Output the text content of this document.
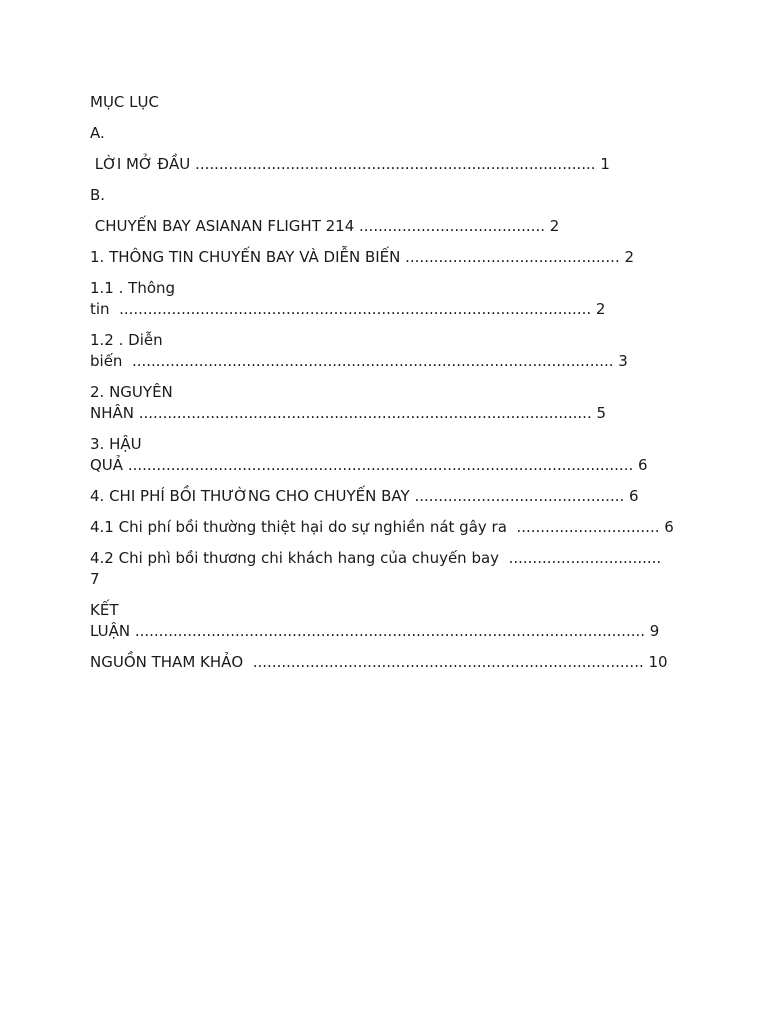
MỤC LỤC
A.
LỜI MỞ ĐẦU .................................................................................... 1
B.
CHUYẾN BAY ASIANAN FLIGHT 214 ....................................... 2
1. THÔNG TIN CHUYẾN BAY VÀ DIỄN BIẾN ............................................. 2
1.1 . Thông
tin  ................................................................................................... 2
1.2 . Diễn
biến  ..................................................................................................... 3
2. NGUYÊN
NHÂN ............................................................................................... 5
3. HẬU
QUẢ .......................................................................................................... 6
4. CHI PHÍ BỒI THƯỜNG CHO CHUYẾN BAY ............................................ 6
4.1 Chi phí bồi thường thiệt hại do sự nghiền nát gây ra  .............................. 6
4.2 Chi phì bồi thương chi khách hang của chuyến bay  ................................
7
KẾT
LUẬN ........................................................................................................... 9
NGUỒN THAM KHẢO  .................................................................................. 10
